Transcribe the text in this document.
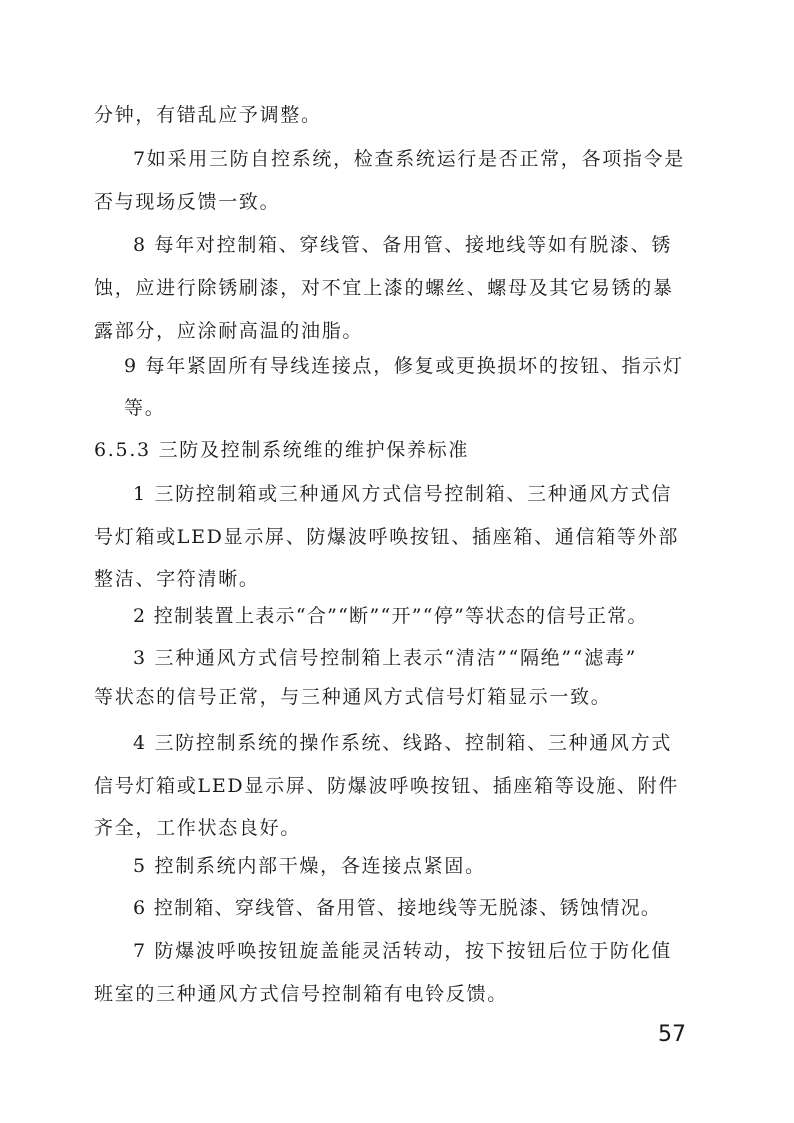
分钟，有错乱应予调整。
7如采用三防自控系统，检查系统运行是否正常，各项指令是
否与现场反馈一致。
8 每年对控制箱、穿线管、备用管、接地线等如有脱漆、锈
蚀，应进行除锈刷漆，对不宜上漆的螺丝、螺母及其它易锈的暴
露部分，应涂耐高温的油脂。
9 每年紧固所有导线连接点，修复或更换损坏的按钮、指示灯
等。
6.5.3 三防及控制系统维的维护保养标准
1 三防控制箱或三种通风方式信号控制箱、三种通风方式信
号灯箱或LED显示屏、防爆波呼唤按钮、插座箱、通信箱等外部
整洁、字符清晰。
2 控制装置上表示“合”“断”“开”“停”等状态的信号正常。
3 三种通风方式信号控制箱上表示“清洁”“隔绝”“滤毒”
等状态的信号正常，与三种通风方式信号灯箱显示一致。
4 三防控制系统的操作系统、线路、控制箱、三种通风方式
信号灯箱或LED显示屏、防爆波呼唤按钮、插座箱等设施、附件
齐全，工作状态良好。
5 控制系统内部干燥，各连接点紧固。
6 控制箱、穿线管、备用管、接地线等无脱漆、锈蚀情况。
7 防爆波呼唤按钮旋盖能灵活转动，按下按钮后位于防化值
班室的三种通风方式信号控制箱有电铃反馈。
57
